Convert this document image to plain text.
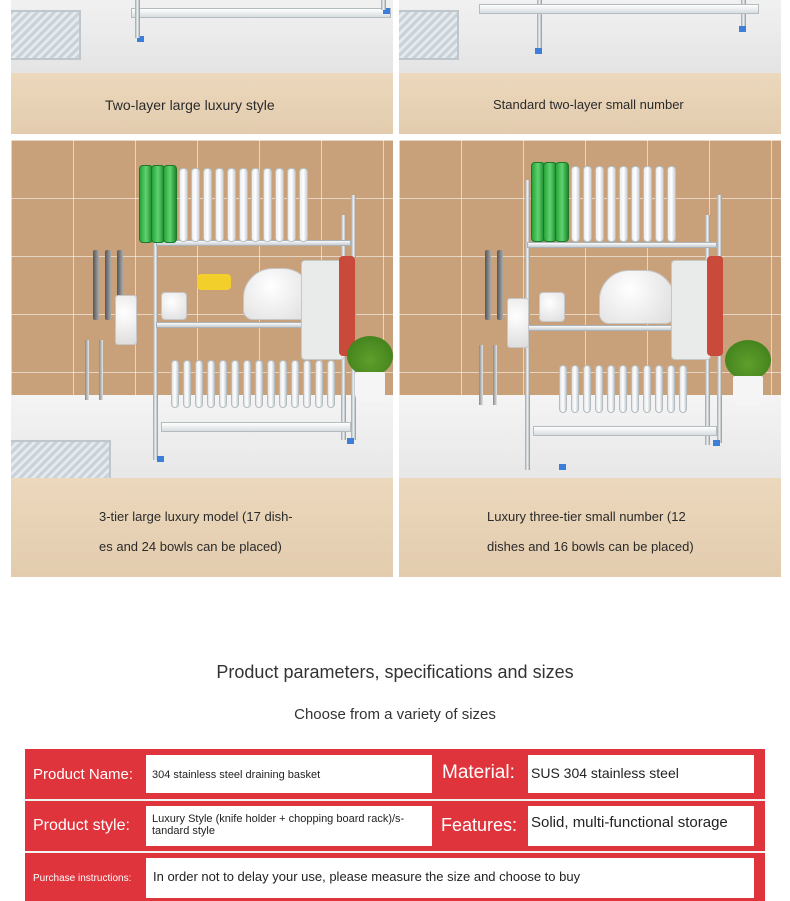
Two-layer large luxury style	Standard two-layer small number
3-tier large luxury model (17 dish-
es and 24 bowls can be placed)
Luxury three-tier small number (12
dishes and 16 bowls can be placed)
Product parameters, specifications and sizes
Choose from a variety of sizes
Product Name:	304 stainless steel draining basket	Material: SUS 304 stainless steel
Product style:	Luxury Style (knife holder + chopping board rack)/s-tandard style	Features: Solid, multi-functional storage
Purchase instructions:	In order not to delay your use, please measure the size and choose to buy
